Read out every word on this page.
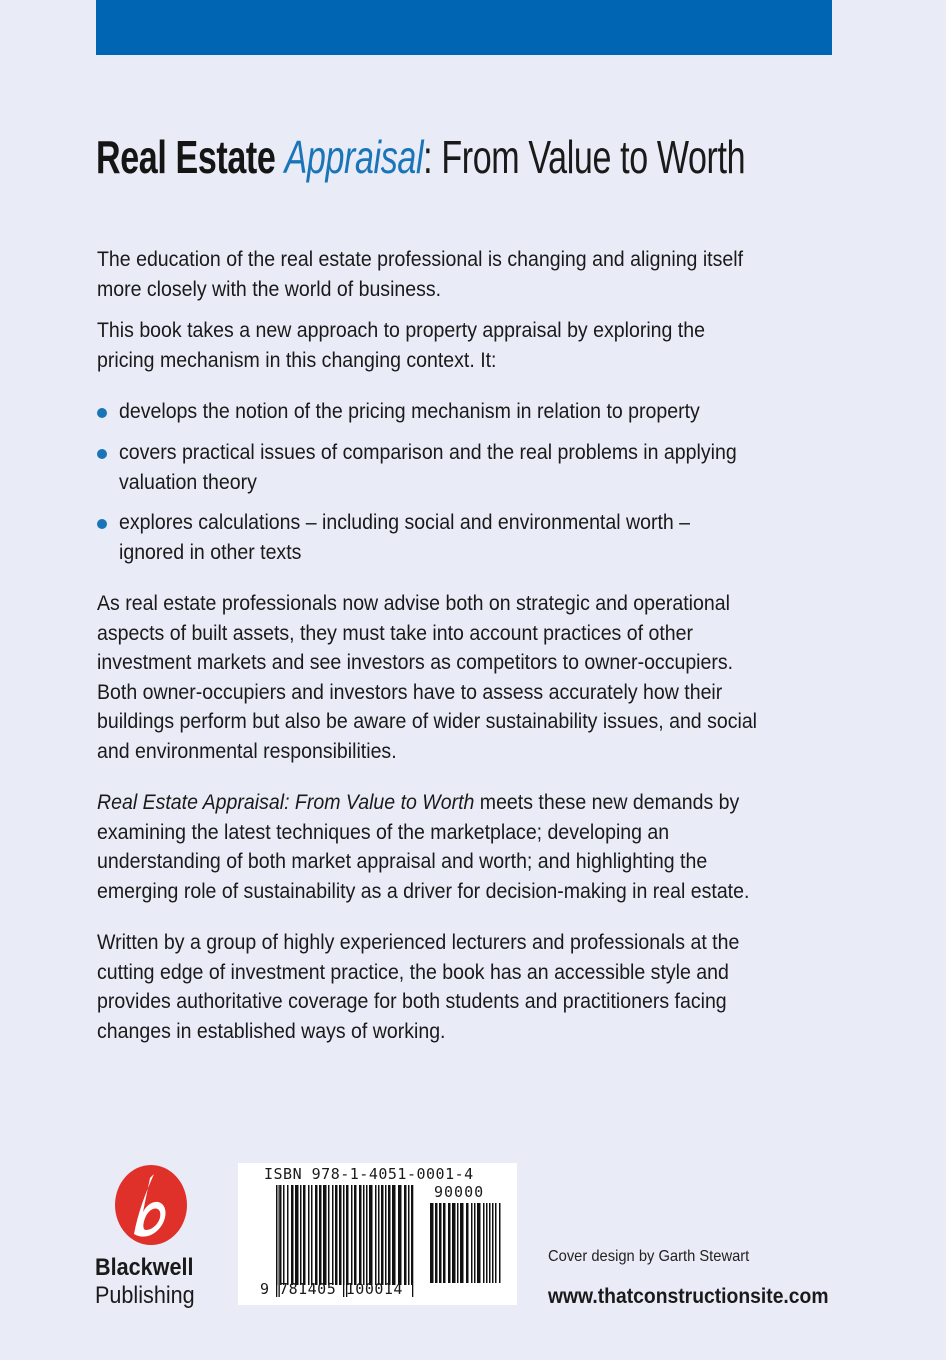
Real Estate Appraisal: From Value to Worth
The education of the real estate professional is changing and aligning itself
more closely with the world of business.
This book takes a new approach to property appraisal by exploring the
pricing mechanism in this changing context. It:
develops the notion of the pricing mechanism in relation to property
covers practical issues of comparison and the real problems in applying
valuation theory
explores calculations – including social and environmental worth –
ignored in other texts
As real estate professionals now advise both on strategic and operational
aspects of built assets, they must take into account practices of other
investment markets and see investors as competitors to owner-occupiers.
Both owner-occupiers and investors have to assess accurately how their
buildings perform but also be aware of wider sustainability issues, and social
and environmental responsibilities.
Real Estate Appraisal: From Value to Worth meets these new demands by
examining the latest techniques of the marketplace; developing an
understanding of both market appraisal and worth; and highlighting the
emerging role of sustainability as a driver for decision-making in real estate.
Written by a group of highly experienced lecturers and professionals at the
cutting edge of investment practice, the book has an accessible style and
provides authoritative coverage for both students and practitioners facing
changes in established ways of working.
Blackwell
Publishing
ISBN 978-1-4051-0001-4
90000
9 781405 100014
Cover design by Garth Stewart
www.thatconstructionsite.com
